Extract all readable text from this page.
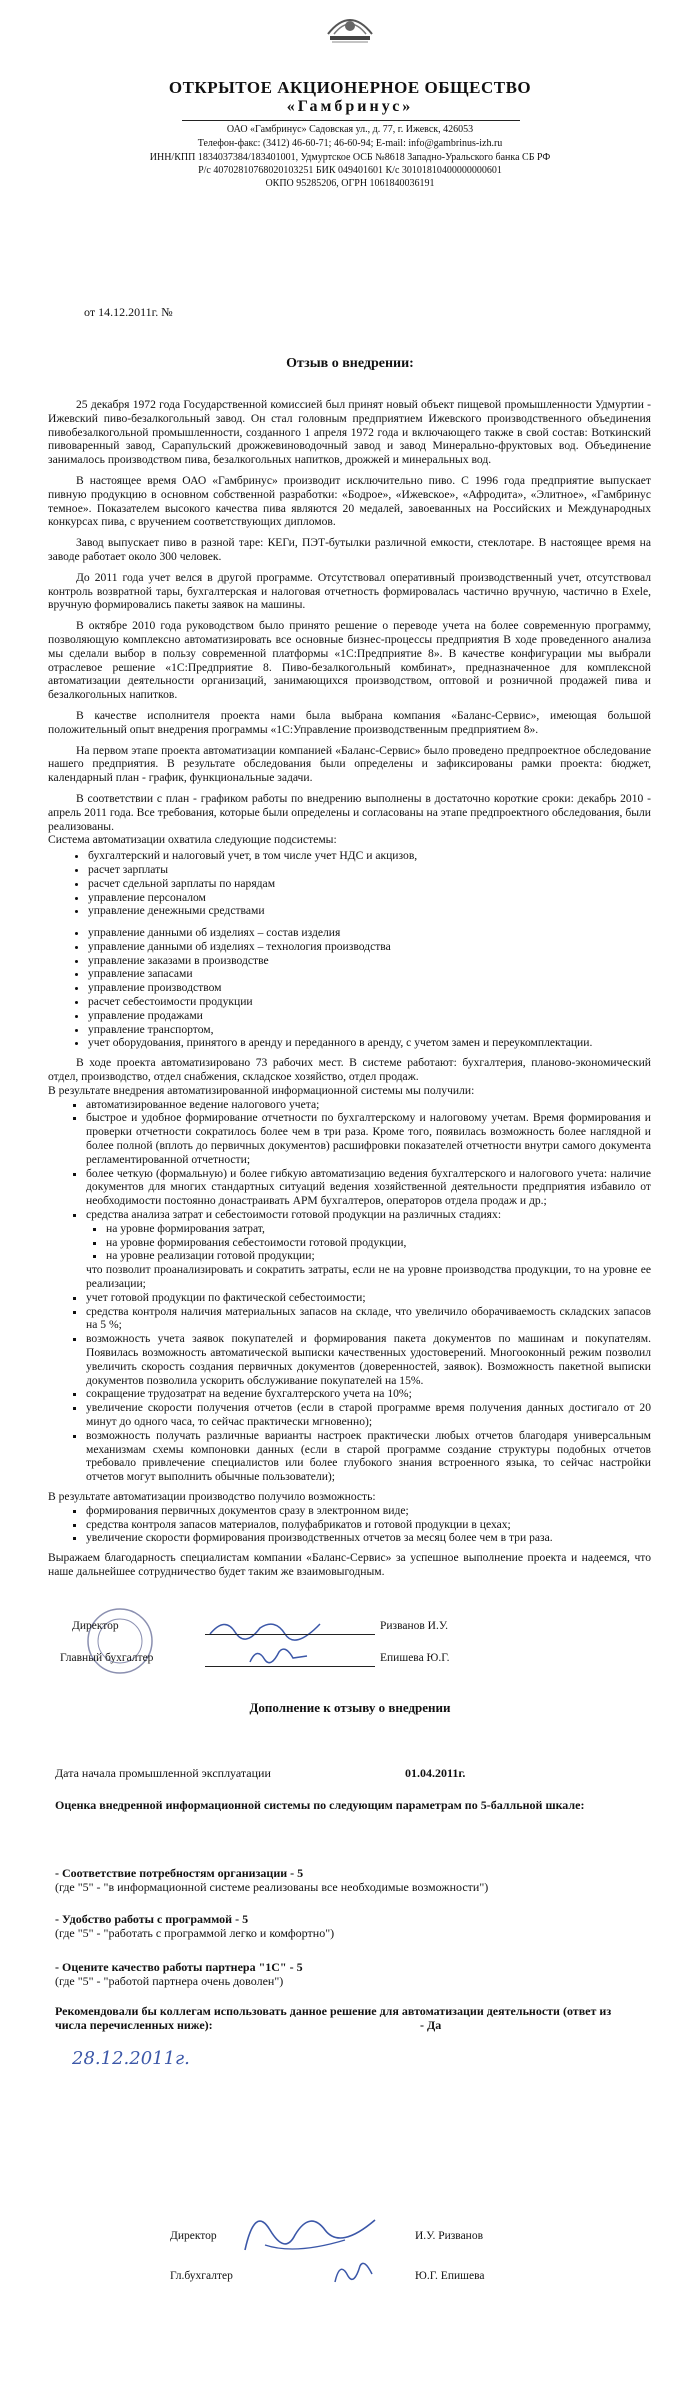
ОТКРЫТОЕ АКЦИОНЕРНОЕ ОБЩЕСТВО
«Гамбринус»
ОАО «Гамбринус» Садовская ул., д. 77, г. Ижевск, 426053
Телефон-факс: (3412) 46-60-71; 46-60-94; E-mail: info@gambrinus-izh.ru
ИНН/КПП 1834037384/183401001, Удмуртское ОСБ №8618 Западно-Уральского банка СБ РФ
Р/с 40702810768020103251 БИК 049401601 К/с 30101810400000000601
ОКПО 95285206, ОГРН 1061840036191
от 14.12.2011г. №
Отзыв о внедрении:

25 декабря 1972 года Государственной комиссией был принят новый объект пищевой промышленности Удмуртии - Ижевский пиво-безалкогольный завод. Он стал головным предприятием Ижевского производственного объединения пивобезалкогольной промышленности, созданного 1 апреля 1972 года и включающего также в свой состав: Воткинский пивоваренный завод, Сарапульский дрожжевиноводочный завод и завод Минерально-фруктовых вод. Объединение занималось производством пива, безалкогольных напитков, дрожжей и минеральных вод.

В настоящее время ОАО «Гамбринус» производит исключительно пиво. С 1996 года предприятие выпускает пивную продукцию в основном собственной разработки: «Бодрое», «Ижевское», «Афродита», «Элитное», «Гамбринус темное». Показателем высокого качества пива являются 20 медалей, завоеванных на Российских и Международных конкурсах пива, с вручением соответствующих дипломов.

Завод выпускает пиво в разной таре: КЕГи, ПЭТ-бутылки различной емкости, стеклотаре. В настоящее время на заводе работает около 300 человек.

До 2011 года учет велся в другой программе. Отсутствовал оперативный производственный учет, отсутствовал контроль возвратной тары, бухгалтерская и налоговая отчетность формировалась частично вручную, частично в Exele, вручную формировались пакеты заявок на машины.

В октябре 2010 года руководством было принято решение о переводе учета на более современную программу, позволяющую комплексно автоматизировать все основные бизнес-процессы предприятия В ходе проведенного анализа мы сделали выбор в пользу современной платформы «1С:Предприятие 8». В качестве конфигурации мы выбрали отраслевое решение «1С:Предприятие 8. Пиво-безалкогольный комбинат», предназначенное для комплексной автоматизации деятельности организаций, занимающихся производством, оптовой и розничной продажей пива и безалкогольных напитков.

В качестве исполнителя проекта нами была выбрана компания «Баланс-Сервис», имеющая большой положительный опыт внедрения программы «1С:Управление производственным предприятием 8».

На первом этапе проекта автоматизации компанией «Баланс-Сервис» было проведено предпроектное обследование нашего предприятия. В результате обследования были определены и зафиксированы рамки проекта: бюджет, календарный план - график, функциональные задачи.

В соответствии с план - графиком работы по внедрению выполнены в достаточно короткие сроки: декабрь 2010 - апрель 2011 года. Все требования, которые были определены и согласованы на этапе предпроектного обследования, были реализованы.

Система автоматизации охватила следующие подсистемы:

• бухгалтерский и налоговый учет, в том числе учет НДС и акцизов,
• расчет зарплаты
• расчет сдельной зарплаты по нарядам
• управление персоналом
• управление денежными средствами
• управление данными об изделиях – состав изделия
• управление данными об изделиях – технология производства
• управление заказами в производстве
• управление запасами
• управление производством
• расчет себестоимости продукции
• управление продажами
• управление транспортом,
• учет оборудования, принятого в аренду и переданного в аренду, с учетом замен и переукомплектации.

В ходе проекта автоматизировано 73 рабочих мест. В системе работают: бухгалтерия, планово-экономический отдел, производство, отдел снабжения, складское хозяйство, отдел продаж.

В результате внедрения автоматизированной информационной системы мы получили:

▪ автоматизированное ведение налогового учета;
▪ быстрое и удобное формирование отчетности по бухгалтерскому и налоговому учетам. Время формирования и проверки отчетности сократилось более чем в три раза. Кроме того, появилась возможность более наглядной и более полной (вплоть до первичных документов) расшифровки показателей отчетности внутри самого документа регламентированной отчетности;
▪ более четкую (формальную) и более гибкую автоматизацию ведения бухгалтерского и налогового учета: наличие документов для многих стандартных ситуаций ведения хозяйственной деятельности предприятия избавило от необходимости постоянно донастраивать АРМ бухгалтеров, операторов отдела продаж и др.;
▪ средства анализа затрат и себестоимости готовой продукции на различных стадиях:
▪ на уровне формирования затрат,
▪ на уровне формирования себестоимости готовой продукции,
▪ на уровне реализации готовой продукции;

что позволит проанализировать и сократить затраты, если не на уровне производства продукции, то на уровне ее реализации;

▪ учет готовой продукции по фактической себестоимости;
▪ средства контроля наличия материальных запасов на складе, что увеличило оборачиваемость складских запасов на 5 %;
▪ возможность учета заявок покупателей и формирования пакета документов по машинам и покупателям. Появилась возможность автоматической выписки качественных удостоверений. Многооконный режим позволил увеличить скорость создания первичных документов (доверенностей, заявок). Возможность пакетной выписки документов позволила ускорить обслуживание покупателей на 15%.
▪ сокращение трудозатрат на ведение бухгалтерского учета на 10%;
▪ увеличение скорости получения отчетов (если в старой программе время получения данных достигало от 20 минут до одного часа, то сейчас практически мгновенно);
▪ возможность получать различные варианты настроек практически любых отчетов благодаря универсальным механизмам схемы компоновки данных (если в старой программе создание структуры подобных отчетов требовало привлечение специалистов или более глубокого знания встроенного языка, то сейчас настройки отчетов могут выполнить обычные пользователи);

В результате автоматизации производство получило возможность:

▪ формирования первичных документов сразу в электронном виде;
▪ средства контроля запасов материалов, полуфабрикатов и готовой продукции в цехах;
▪ увеличение скорости формирования производственных отчетов за месяц более чем в три раза.

Выражаем благодарность специалистам компании «Баланс-Сервис» за успешное выполнение проекта и надеемся, что наше дальнейшее сотрудничество будет таким же взаимовыгодным.

Директор	Ризванов И.У.
Главный бухгалтер	Епишева Ю.Г.
Дополнение к отзыву о внедрении
Дата начала промышленной эксплуатации	01.04.2011г.
Оценка внедренной информационной системы по следующим параметрам по 5-балльной шкале:
- Соответствие потребностям организации - 5
(где "5" - "в информационной системе реализованы все необходимые возможности")
- Удобство работы с программой - 5
(где "5" - "работать с программой легко и комфортно")
- Оцените качество работы партнера "1С" - 5
(где "5" - "работой партнера очень доволен")
Рекомендовали бы коллегам использовать данное решение для автоматизации деятельности (ответ из числа перечисленных ниже):	- Да
28.12.2011г.
Директор	И.У. Ризванов
Гл.бухгалтер	Ю.Г. Епишева
